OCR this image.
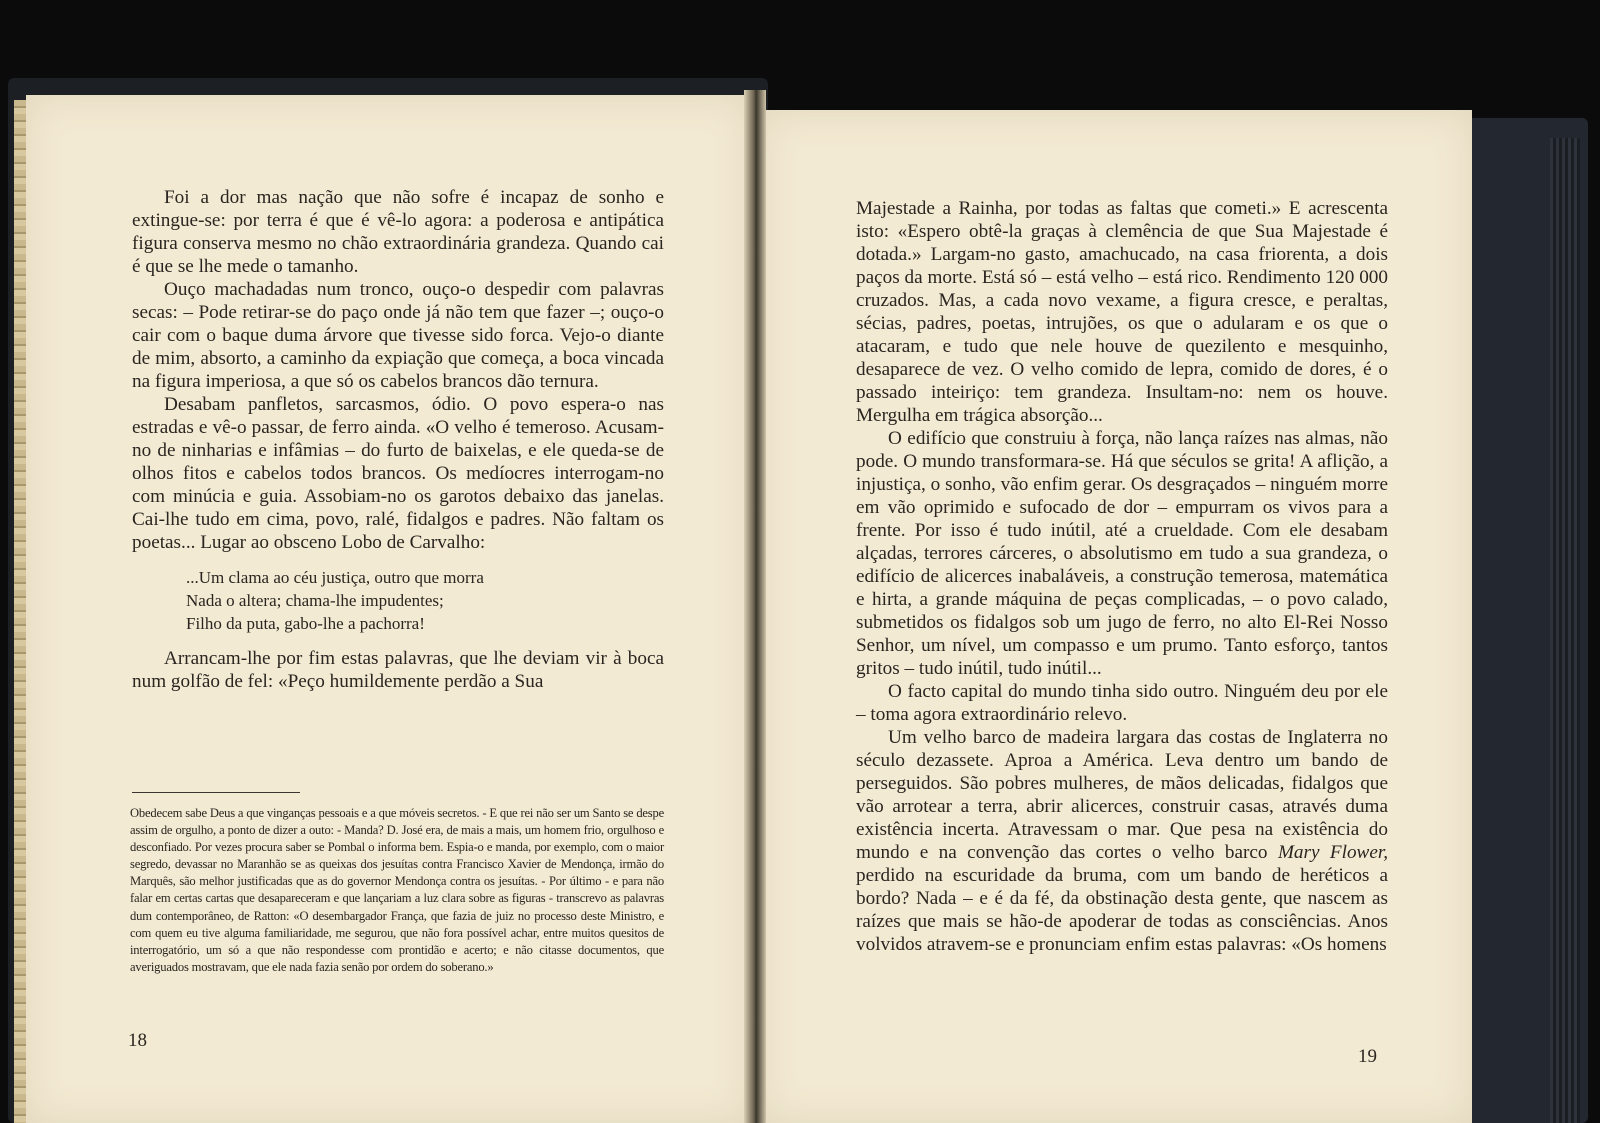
Foi a dor mas nação que não sofre é incapaz de sonho e extingue-se: por terra é que é vê-lo agora: a poderosa e antipática figura conserva mesmo no chão extraordinária grandeza. Quando cai é que se lhe mede o tamanho.

Ouço machadadas num tronco, ouço-o despedir com palavras secas: – Pode retirar-se do paço onde já não tem que fazer –; ouço-o cair com o baque duma árvore que tivesse sido forca. Vejo-o diante de mim, absorto, a caminho da expiação que começa, a boca vincada na figura imperiosa, a que só os cabelos brancos dão ternura.

Desabam panfletos, sarcasmos, ódio. O povo espera-o nas estradas e vê-o passar, de ferro ainda. «O velho é temeroso. Acusam-no de ninharias e infâmias – do furto de baixelas, e ele queda-se de olhos fitos e cabelos todos brancos. Os medíocres interrogam-no com minúcia e guia. Assobiam-no os garotos debaixo das janelas. Cai-lhe tudo em cima, povo, ralé, fidalgos e padres. Não faltam os poetas... Lugar ao obsceno Lobo de Carvalho:

...Um clama ao céu justiça, outro que morra
Nada o altera; chama-lhe impudentes;
Filho da puta, gabo-lhe a pachorra!

Arrancam-lhe por fim estas palavras, que lhe deviam vir à boca num golfão de fel: «Peço humildemente perdão a Sua

Obedecem sabe Deus a que vinganças pessoais e a que móveis secretos. - E que rei não ser um Santo se despe assim de orgulho, a ponto de dizer a outo: - Manda? D. José era, de mais a mais, um homem frio, orgulhoso e desconfiado. Por vezes procura saber se Pombal o informa bem. Espia-o e manda, por exemplo, com o maior segredo, devassar no Maranhão se as queixas dos jesuítas contra Francisco Xavier de Mendonça, irmão do Marquês, são melhor justificadas que as do governor Mendonça contra os jesuítas. - Por último - e para não falar em certas cartas que desapareceram e que lançariam a luz clara sobre as figuras - transcrevo as palavras dum contemporâneo, de Ratton: «O desembargador França, que fazia de juiz no processo deste Ministro, e com quem eu tive alguma familiaridade, me segurou, que não fora possível achar, entre muitos quesitos de interrogatório, um só a que não respondesse com prontidão e acerto; e não citasse documentos, que averiguados mostravam, que ele nada fazia senão por ordem do soberano.»
18

Majestade a Rainha, por todas as faltas que cometi.» E acrescenta isto: «Espero obtê-la graças à clemência de que Sua Majestade é dotada.» Largam-no gasto, amachucado, na casa friorenta, a dois paços da morte. Está só – está velho – está rico. Rendimento 120 000 cruzados. Mas, a cada novo vexame, a figura cresce, e peraltas, sécias, padres, poetas, intrujões, os que o adularam e os que o atacaram, e tudo que nele houve de quezilento e mesquinho, desaparece de vez. O velho comido de lepra, comido de dores, é o passado inteiriço: tem grandeza. Insultam-no: nem os houve. Mergulha em trágica absorção...

O edifício que construiu à força, não lança raízes nas almas, não pode. O mundo transformara-se. Há que séculos se grita! A aflição, a injustiça, o sonho, vão enfim gerar. Os desgraçados – ninguém morre em vão oprimido e sufocado de dor – empurram os vivos para a frente. Por isso é tudo inútil, até a crueldade. Com ele desabam alçadas, terrores cárceres, o absolutismo em tudo a sua grandeza, o edifício de alicerces inabaláveis, a construção temerosa, matemática e hirta, a grande máquina de peças complicadas, – o povo calado, submetidos os fidalgos sob um jugo de ferro, no alto El-Rei Nosso Senhor, um nível, um compasso e um prumo. Tanto esforço, tantos gritos – tudo inútil, tudo inútil...

O facto capital do mundo tinha sido outro. Ninguém deu por ele – toma agora extraordinário relevo.

Um velho barco de madeira largara das costas de Inglaterra no século dezassete. Aproa a América. Leva dentro um bando de perseguidos. São pobres mulheres, de mãos delicadas, fidalgos que vão arrotear a terra, abrir alicerces, construir casas, através duma existência incerta. Atravessam o mar. Que pesa na existência do mundo e na convenção das cortes o velho barco Mary Flower, perdido na escuridade da bruma, com um bando de heréticos a bordo? Nada – e é da fé, da obstinação desta gente, que nascem as raízes que mais se hão-de apoderar de todas as consciências. Anos volvidos atravem-se e pronunciam enfim estas palavras: «Os homens

19
